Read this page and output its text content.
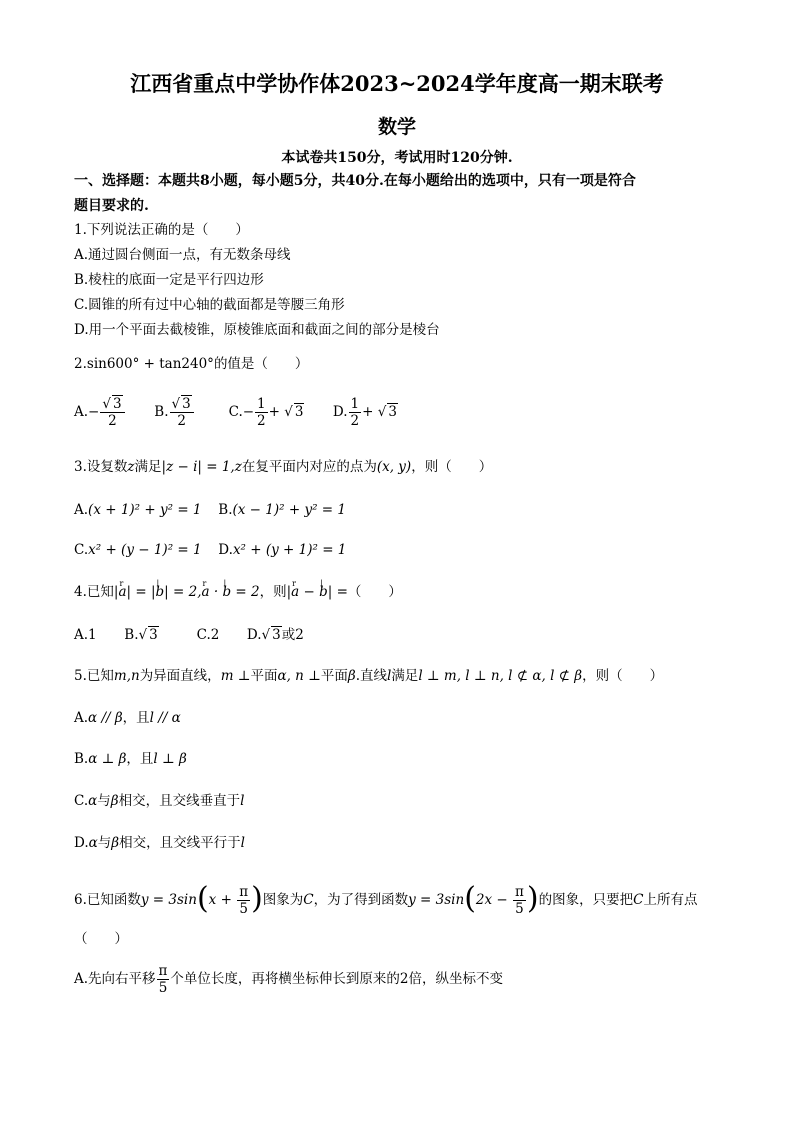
江西省重点中学协作体2023~2024学年度高一期末联考
数学
本试卷共150分，考试用时120分钟.
一、选择题：本题共8小题，每小题5分，共40分.在每小题给出的选项中，只有一项是符合
题目要求的.
1.下列说法正确的是（　　）
A.通过圆台侧面一点，有无数条母线
B.棱柱的底面一定是平行四边形
C.圆锥的所有过中心轴的截面都是等腰三角形
D.用一个平面去截棱锥，原棱锥底面和截面之间的部分是棱台
2.sin600° + tan240°的值是（　　）
$A.- \frac{√ 3}{2} B$. $\frac{√ 3}{2}$	$C.- \frac{1}{2}$ + √ 3 D. $\frac{1}{2}$ + √ 3
3.设复数z满足|z − i| = 1,z在复平面内对应的点为(x, y)，则（　　）
A.(x + 1)² + y² = 1 B.(x − 1)² + y² = 1
C.x² + (y − 1)² = 1 D.x² + (y + 1)² = 1
4.已知|r a| = || b| = 2,r a · | b = 2，则|r a − | b| =（　　）
A.1 B.√ 3	C.2 D.√ 3或2
5.已知m,n为异面直线，m ⊥平面α, n ⊥平面β.直线l满足l ⊥ m, l ⊥ n, l ⊄ α, l ⊄ β，则（　　）
A.α // β，且l // α
B.α ⊥ β，且l ⊥ β
C.α与β相交，且交线垂直于l
D.α与β相交，且交线平行于l
6.已知函数$y = 3\sin(x + \frac{\pi}{5}$ )图象为C，为了得到函数$y = 3\sin(2x - \frac{\pi}{5}$ )的图象，只要把C上所有点
（　　）
A.先向右平移 $\frac{\pi}{5}$ 个单位长度，再将横坐标伸长到原来的2倍，纵坐标不变
